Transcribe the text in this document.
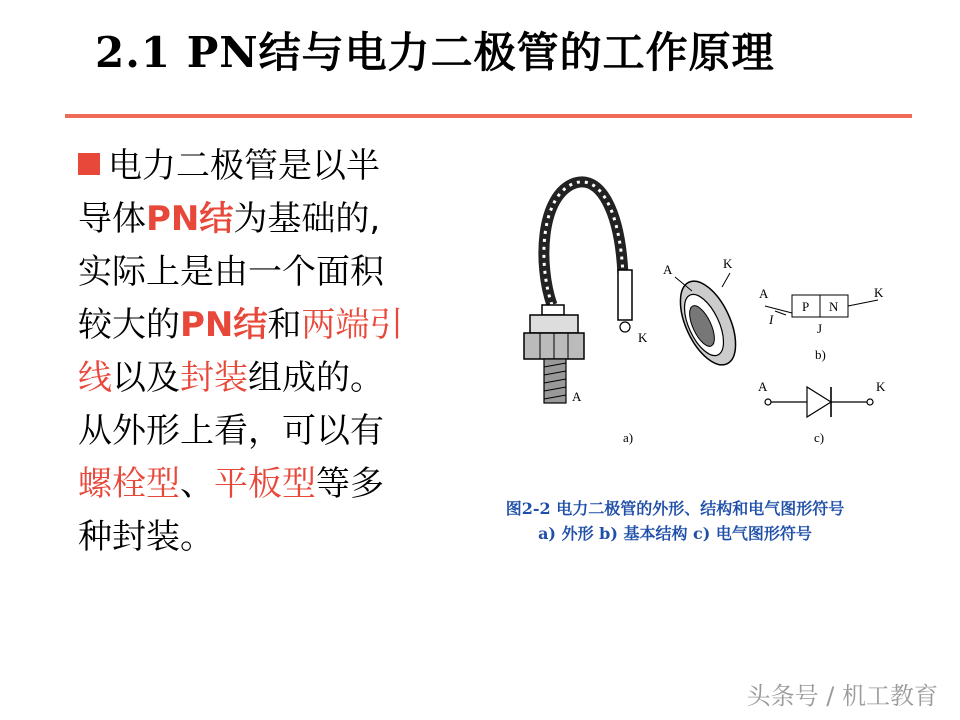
2.1 PN结与电力二极管的工作原理
电力二极管是以半
导体PN结为基础的,
实际上是由一个面积
较大的PN结和两端引
线以及封装组成的。
从外形上看，可以有
螺栓型、平板型等多
种封装。
K
A
A	K
a)
A	K
P N
I
J
b)
A	K
c)
图2-2 电力二极管的外形、结构和电气图形符号
a) 外形 b) 基本结构 c) 电气图形符号
头条号 / 机工教育
